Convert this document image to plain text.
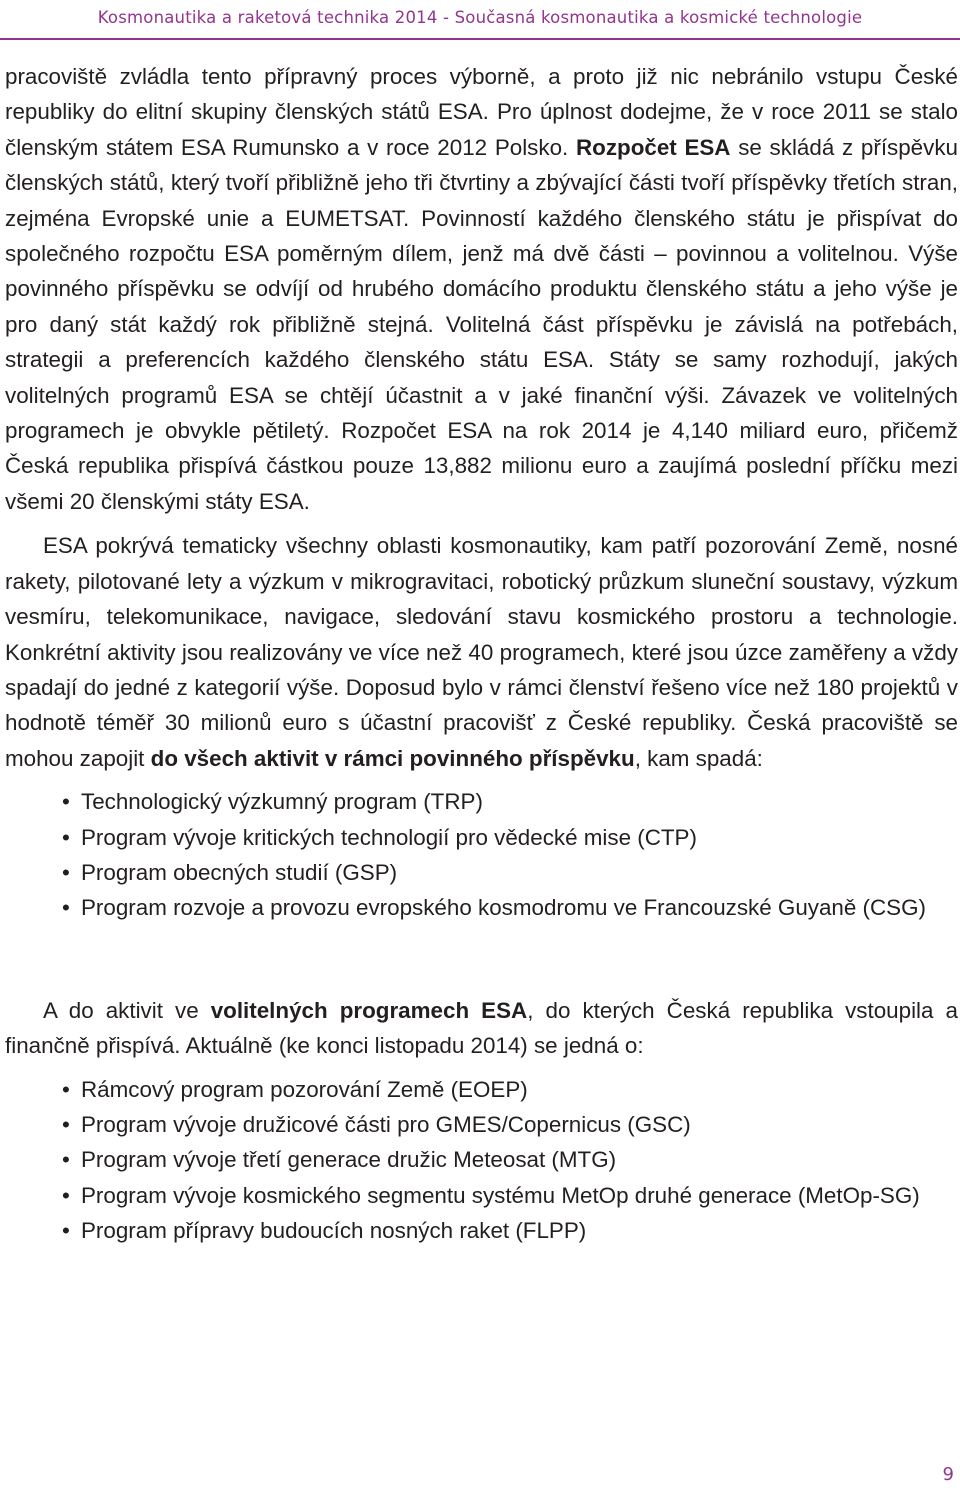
Kosmonautika a raketová technika 2014 - Současná kosmonautika a kosmické technologie

pracoviště zvládla tento přípravný proces výborně, a proto již nic nebránilo vstupu České republiky do elitní skupiny členských států ESA. Pro úplnost dodejme, že v roce 2011 se stalo členským státem ESA Rumunsko a v roce 2012 Polsko. Rozpočet ESA se skládá z příspěvku členských států, který tvoří přibližně jeho tři čtvrtiny a zbývající části tvoří příspěvky třetích stran, zejména Evropské unie a EUMETSAT. Povinností každého členského státu je přispívat do společného rozpočtu ESA poměrným dílem, jenž má dvě části – povinnou a volitelnou. Výše povinného příspěvku se odvíjí od hrubého domácího produktu členského státu a jeho výše je pro daný stát každý rok přibližně stejná. Volitelná část příspěvku je závislá na potřebách, strategii a preferencích každého členského státu ESA. Státy se samy rozhodují, jakých volitelných programů ESA se chtějí účastnit a v jaké finanční výši. Závazek ve volitelných programech je obvykle pětiletý. Rozpočet ESA na rok 2014 je 4,140 miliard euro, přičemž Česká republika přispívá částkou pouze 13,882 milionu euro a zaujímá poslední příčku mezi všemi 20 členskými státy ESA.

ESA pokrývá tematicky všechny oblasti kosmonautiky, kam patří pozorování Země, nosné rakety, pilotované lety a výzkum v mikrogravitaci, robotický průzkum sluneční soustavy, výzkum vesmíru, telekomunikace, navigace, sledování stavu kosmického prostoru a technologie. Konkrétní aktivity jsou realizovány ve více než 40 programech, které jsou úzce zaměřeny a vždy spadají do jedné z kategorií výše. Doposud bylo v rámci členství řešeno více než 180 projektů v hodnotě téměř 30 milionů euro s účastní pracovišť z České republiky. Česká pracoviště se mohou zapojit do všech aktivit v rámci povinného příspěvku, kam spadá:

• Technologický výzkumný program (TRP)
• Program vývoje kritických technologií pro vědecké mise (CTP)
• Program obecných studií (GSP)
• Program rozvoje a provozu evropského kosmodromu ve Francouzské Guyaně (CSG)

A do aktivit ve volitelných programech ESA, do kterých Česká republika vstoupila a finančně přispívá. Aktuálně (ke konci listopadu 2014) se jedná o:

• Rámcový program pozorování Země (EOEP)
• Program vývoje družicové části pro GMES/Copernicus (GSC)
• Program vývoje třetí generace družic Meteosat (MTG)
• Program vývoje kosmického segmentu systému MetOp druhé generace (MetOp-SG)
• Program přípravy budoucích nosných raket (FLPP)
9
